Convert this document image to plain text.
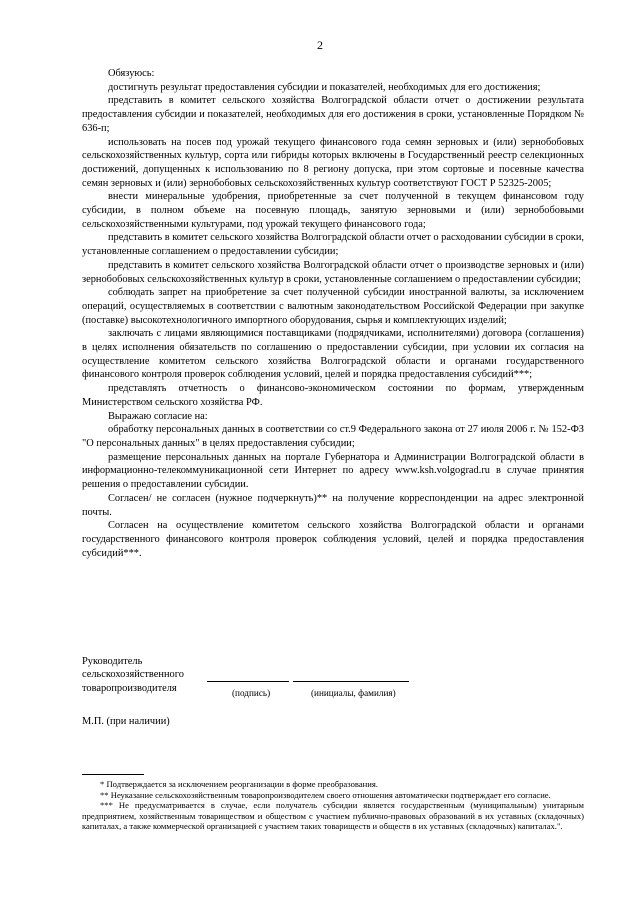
2

Обязуюсь:

достигнуть результат предоставления субсидии и показателей, необходимых для его достижения;

представить в комитет сельского хозяйства Волгоградской области отчет о достижении результата предоставления субсидии и показателей, необходимых для его достижения в сроки, установленные Порядком № 636-п;

использовать на посев под урожай текущего финансового года семян зерновых и (или) зернобобовых сельскохозяйственных культур, сорта или гибриды которых включены в Государственный реестр селекционных достижений, допущенных к использованию по 8 региону допуска, при этом сортовые и посевные качества семян зерновых и (или) зернобобовых сельскохозяйственных культур соответствуют ГОСТ Р 52325-2005;

внести минеральные удобрения, приобретенные за счет полученной в текущем финансовом году субсидии, в полном объеме на посевную площадь, занятую зерновыми и (или) зернобобовыми сельскохозяйственными культурами, под урожай текущего финансового года;

представить в комитет сельского хозяйства Волгоградской области отчет о расходовании субсидии в сроки, установленные соглашением о предоставлении субсидии;

представить в комитет сельского хозяйства Волгоградской области отчет о производстве зерновых и (или) зернобобовых сельскохозяйственных культур в сроки, установленные соглашением о предоставлении субсидии;

соблюдать запрет на приобретение за счет полученной субсидии иностранной валюты, за исключением операций, осуществляемых в соответствии с валютным законодательством Российской Федерации при закупке (поставке) высокотехнологичного импортного оборудования, сырья и комплектующих изделий;

заключать с лицами являющимися поставщиками (подрядчиками, исполнителями) договора (соглашения) в целях исполнения обязательств по соглашению о предоставлении субсидии, при условии их согласия на осуществление комитетом сельского хозяйства Волгоградской области и органами государственного финансового контроля проверок соблюдения условий, целей и порядка предоставления субсидий***;

представлять отчетность о финансово-экономическом состоянии по формам, утвержденным Министерством сельского хозяйства РФ.

Выражаю согласие на:

обработку персональных данных в соответствии со ст.9 Федерального закона от 27 июля 2006 г. № 152-ФЗ "О персональных данных" в целях предоставления субсидии;

размещение персональных данных на портале Губернатора и Администрации Волгоградской области в информационно-телекоммуникационной сети Интернет по адресу www.ksh.volgograd.ru в случае принятия решения о предоставлении субсидии.

Согласен/ не согласен (нужное подчеркнуть)** на получение корреспонденции на адрес электронной почты.

Согласен на осуществление комитетом сельского хозяйства Волгоградской области и органами государственного финансового контроля проверок соблюдения условий, целей и порядка предоставления субсидий***.

Руководитель
сельскохозяйственного
товаропроизводителя	(подпись)	(инициалы, фамилия)
М.П. (при наличии)

* Подтверждается за исключением реорганизации в форме преобразования.

** Неуказание сельскохозяйственным товаропроизводителем своего отношения автоматически подтверждает его согласие.

*** Не предусматривается в случае, если получатель субсидии является государственным (муниципальным) унитарным предприятием, хозяйственным товариществом и обществом с участием публично-правовых образований в их уставных (складочных) капиталах, а также коммерческой организацией с участием таких товариществ и обществ в их уставных (складочных) капиталах.".
